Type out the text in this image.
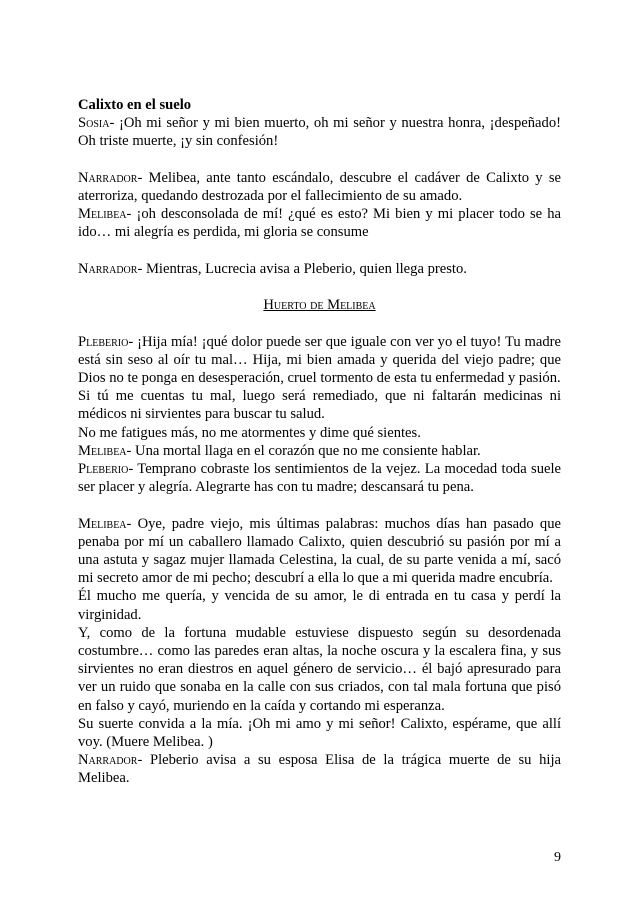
Calixto en el suelo

Sosia- ¡Oh mi señor y mi bien muerto, oh mi señor y nuestra honra, ¡despeñado! Oh triste muerte, ¡y sin confesión!

Narrador- Melibea, ante tanto escándalo, descubre el cadáver de Calixto y se aterroriza, quedando destrozada por el fallecimiento de su amado.

Melibea- ¡oh desconsolada de mí! ¿qué es esto? Mi bien y mi placer todo se ha ido… mi alegría es perdida, mi gloria se consume

Narrador- Mientras, Lucrecia avisa a Pleberio, quien llega presto.

Huerto de Melibea

Pleberio- ¡Hija mía! ¡qué dolor puede ser que iguale con ver yo el tuyo! Tu madre está sin seso al oír tu mal… Hija, mi bien amada y querida del viejo padre; que Dios no te ponga en desesperación, cruel tormento de esta tu enfermedad y pasión.

Si tú me cuentas tu mal, luego será remediado, que ni faltarán medicinas ni médicos ni sirvientes para buscar tu salud.

No me fatigues más, no me atormentes y dime qué sientes.

Melibea- Una mortal llaga en el corazón que no me consiente hablar.

Pleberio- Temprano cobraste los sentimientos de la vejez. La mocedad toda suele ser placer y alegría. Alegrarte has con tu madre; descansará tu pena.

Melibea- Oye, padre viejo, mis últimas palabras: muchos días han pasado que penaba por mí un caballero llamado Calixto, quien descubrió su pasión por mí a una astuta y sagaz mujer llamada Celestina, la cual, de su parte venida a mí, sacó mi secreto amor de mi pecho; descubrí a ella lo que a mi querida madre encubría.

Él mucho me quería, y vencida de su amor, le di entrada en tu casa y perdí la virginidad.

Y, como de la fortuna mudable estuviese dispuesto según su desordenada costumbre… como las paredes eran altas, la noche oscura y la escalera fina, y sus sirvientes no eran diestros en aquel género de servicio… él bajó apresurado para ver un ruido que sonaba en la calle con sus criados, con tal mala fortuna que pisó en falso y cayó, muriendo en la caída y cortando mi esperanza.

Su suerte convida a la mía. ¡Oh mi amo y mi señor! Calixto, espérame, que allí voy. (Muere Melibea. )

Narrador- Pleberio avisa a su esposa Elisa de la trágica muerte de su hija Melibea.

9
